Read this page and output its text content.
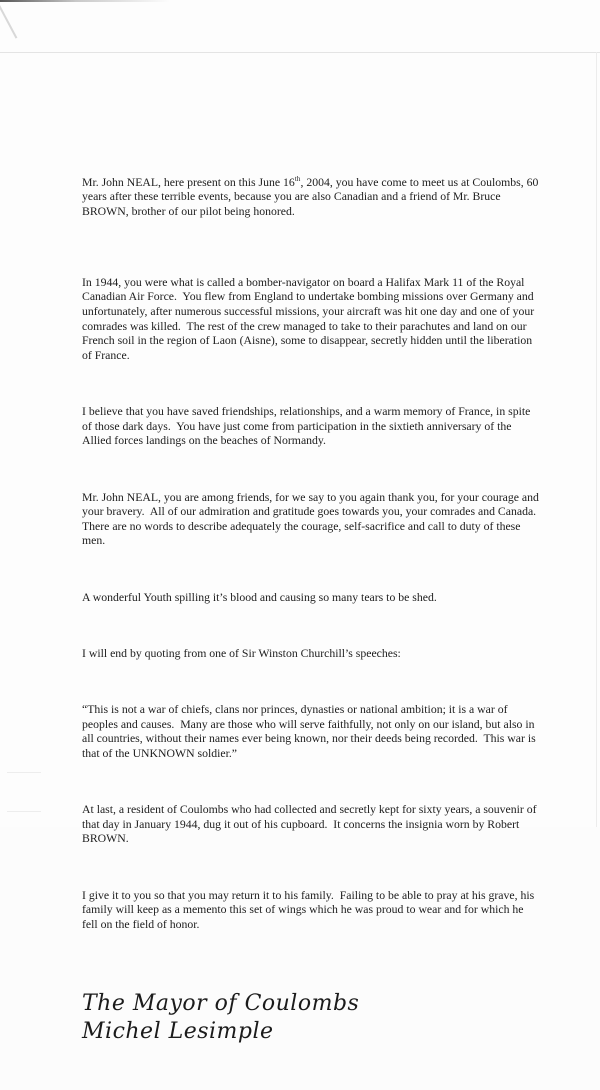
Mr. John NEAL, here present on this June 16th, 2004, you have come to meet us at Coulombs, 60 years after these terrible events, because you are also Canadian and a friend of Mr. Bruce BROWN, brother of our pilot being honored.

In 1944, you were what is called a bomber-navigator on board a Halifax Mark 11 of the Royal Canadian Air Force.  You flew from England to undertake bombing missions over Germany and unfortunately, after numerous successful missions, your aircraft was hit one day and one of your comrades was killed.  The rest of the crew managed to take to their parachutes and land on our French soil in the region of Laon (Aisne), some to disappear, secretly hidden until the liberation of France.

I believe that you have saved friendships, relationships, and a warm memory of France, in spite of those dark days.  You have just come from participation in the sixtieth anniversary of the Allied forces landings on the beaches of Normandy.

Mr. John NEAL, you are among friends, for we say to you again thank you, for your courage and your bravery.  All of our admiration and gratitude goes towards you, your comrades and Canada.  There are no words to describe adequately the courage, self-sacrifice and call to duty of these men.

A wonderful Youth spilling it’s blood and causing so many tears to be shed.

I will end by quoting from one of Sir Winston Churchill’s speeches:

“This is not a war of chiefs, clans nor princes, dynasties or national ambition; it is a war of peoples and causes.  Many are those who will serve faithfully, not only on our island, but also in all countries, without their names ever being known, nor their deeds being recorded.  This war is that of the UNKNOWN soldier.”

At last, a resident of Coulombs who had collected and secretly kept for sixty years, a souvenir of that day in January 1944, dug it out of his cupboard.  It concerns the insignia worn by Robert BROWN.

I give it to you so that you may return it to his family.  Failing to be able to pray at his grave, his family will keep as a memento this set of wings which he was proud to wear and for which he fell on the field of honor.

The Mayor of Coulombs
Michel Lesimple
